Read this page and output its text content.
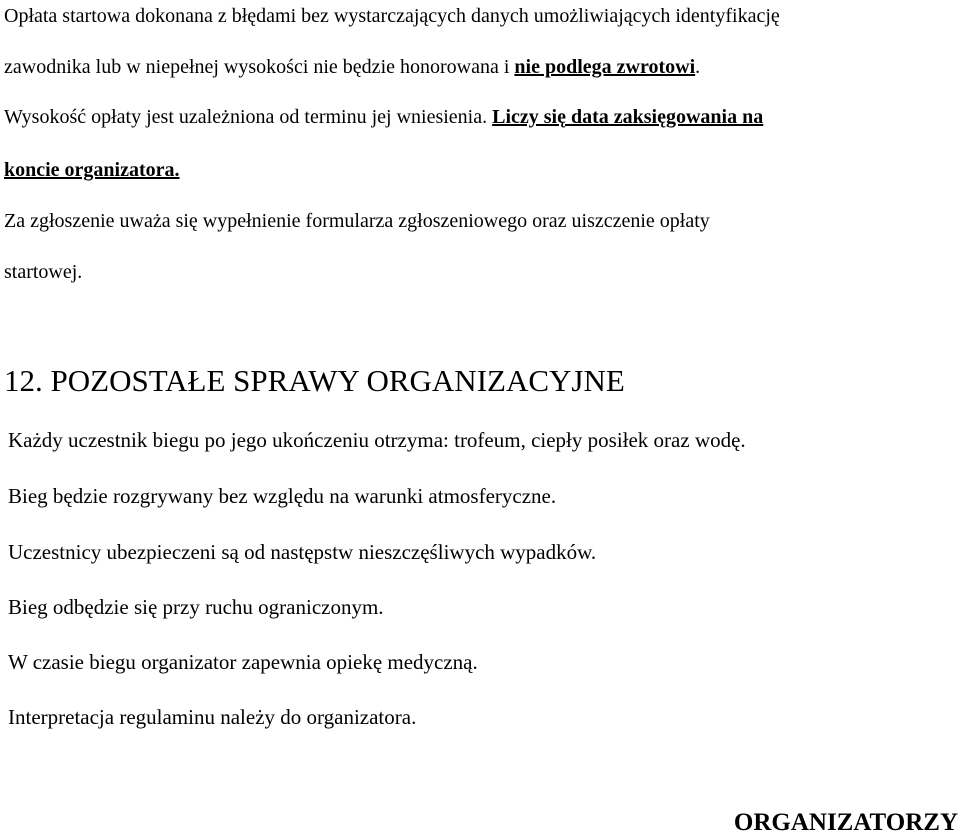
Opłata startowa dokonana z błędami bez wystarczających danych umożliwiających identyfikację
zawodnika lub w niepełnej wysokości nie będzie honorowana i nie podlega zwrotowi.
Wysokość opłaty jest uzależniona od terminu jej wniesienia. Liczy się data zaksięgowania na
koncie organizatora.
Za zgłoszenie uważa się wypełnienie formularza zgłoszeniowego oraz uiszczenie opłaty
startowej.
12. POZOSTAŁE SPRAWY ORGANIZACYJNE
Każdy uczestnik biegu po jego ukończeniu otrzyma: trofeum, ciepły posiłek oraz wodę.
Bieg będzie rozgrywany bez względu na warunki atmosferyczne.
Uczestnicy ubezpieczeni są od następstw nieszczęśliwych wypadków.
Bieg odbędzie się przy ruchu ograniczonym.
W czasie biegu organizator zapewnia opiekę medyczną.
Interpretacja regulaminu należy do organizatora.
ORGANIZATORZY
